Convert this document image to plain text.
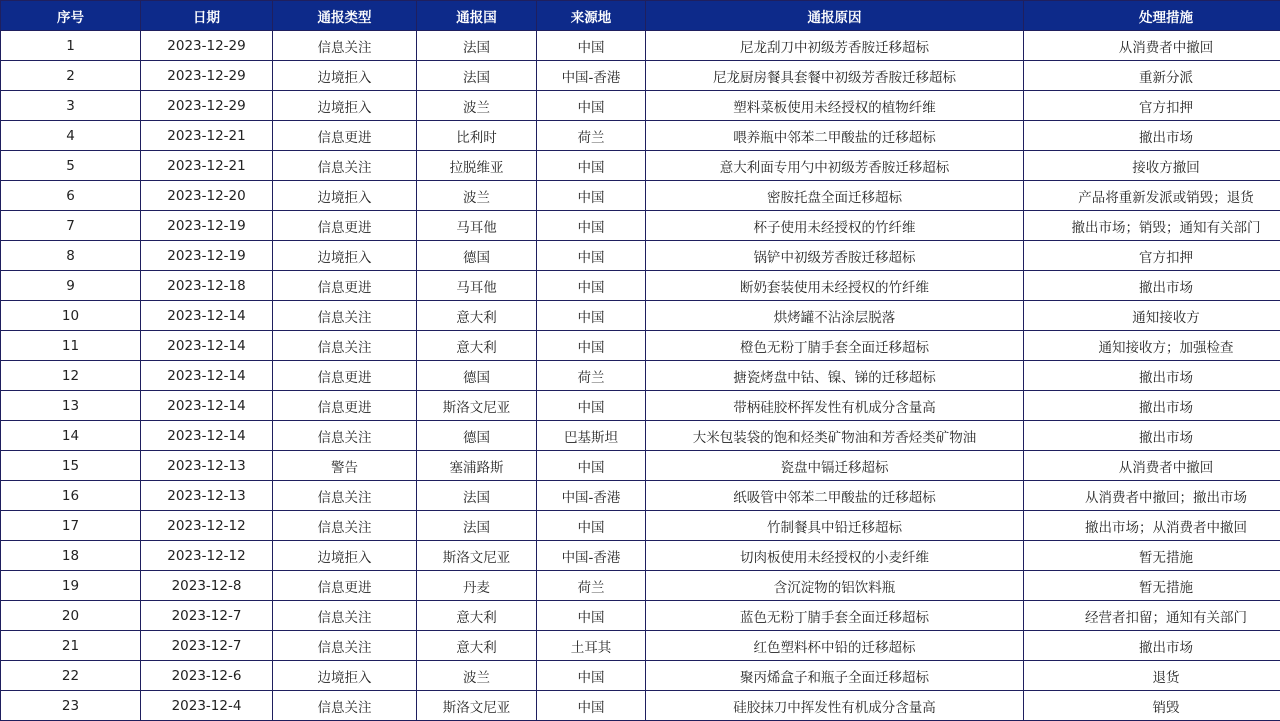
序号	日期	通报类型	通报国	来源地	通报原因	处理措施
1	2023-12-29	信息关注	法国	中国	尼龙刮刀中初级芳香胺迁移超标	从消费者中撤回
2	2023-12-29	边境拒入	法国	中国-香港	尼龙厨房餐具套餐中初级芳香胺迁移超标	重新分派
3	2023-12-29	边境拒入	波兰	中国	塑料菜板使用未经授权的植物纤维	官方扣押
4	2023-12-21	信息更进	比利时	荷兰	喂养瓶中邻苯二甲酸盐的迁移超标	撤出市场
5	2023-12-21	信息关注	拉脱维亚	中国	意大利面专用勺中初级芳香胺迁移超标	接收方撤回
6	2023-12-20	边境拒入	波兰	中国	密胺托盘全面迁移超标	产品将重新发派或销毁；退货
7	2023-12-19	信息更进	马耳他	中国	杯子使用未经授权的竹纤维	撤出市场；销毁；通知有关部门
8	2023-12-19	边境拒入	德国	中国	锅铲中初级芳香胺迁移超标	官方扣押
9	2023-12-18	信息更进	马耳他	中国	断奶套装使用未经授权的竹纤维	撤出市场
10	2023-12-14	信息关注	意大利	中国	烘烤罐不沾涂层脱落	通知接收方
11	2023-12-14	信息关注	意大利	中国	橙色无粉丁腈手套全面迁移超标	通知接收方；加强检查
12	2023-12-14	信息更进	德国	荷兰	搪瓷烤盘中钴、镍、锑的迁移超标	撤出市场
13	2023-12-14	信息更进	斯洛文尼亚	中国	带柄硅胶杯挥发性有机成分含量高	撤出市场
14	2023-12-14	信息关注	德国	巴基斯坦	大米包装袋的饱和烃类矿物油和芳香烃类矿物油	撤出市场
15	2023-12-13	警告	塞浦路斯	中国	瓷盘中镉迁移超标	从消费者中撤回
16	2023-12-13	信息关注	法国	中国-香港	纸吸管中邻苯二甲酸盐的迁移超标	从消费者中撤回；撤出市场
17	2023-12-12	信息关注	法国	中国	竹制餐具中铅迁移超标	撤出市场；从消费者中撤回
18	2023-12-12	边境拒入	斯洛文尼亚	中国-香港	切肉板使用未经授权的小麦纤维	暂无措施
19	2023-12-8	信息更进	丹麦	荷兰	含沉淀物的铝饮料瓶	暂无措施
20	2023-12-7	信息关注	意大利	中国	蓝色无粉丁腈手套全面迁移超标	经营者扣留；通知有关部门
21	2023-12-7	信息关注	意大利	土耳其	红色塑料杯中铅的迁移超标	撤出市场
22	2023-12-6	边境拒入	波兰	中国	聚丙烯盒子和瓶子全面迁移超标	退货
23	2023-12-4	信息关注	斯洛文尼亚	中国	硅胶抹刀中挥发性有机成分含量高	销毁
